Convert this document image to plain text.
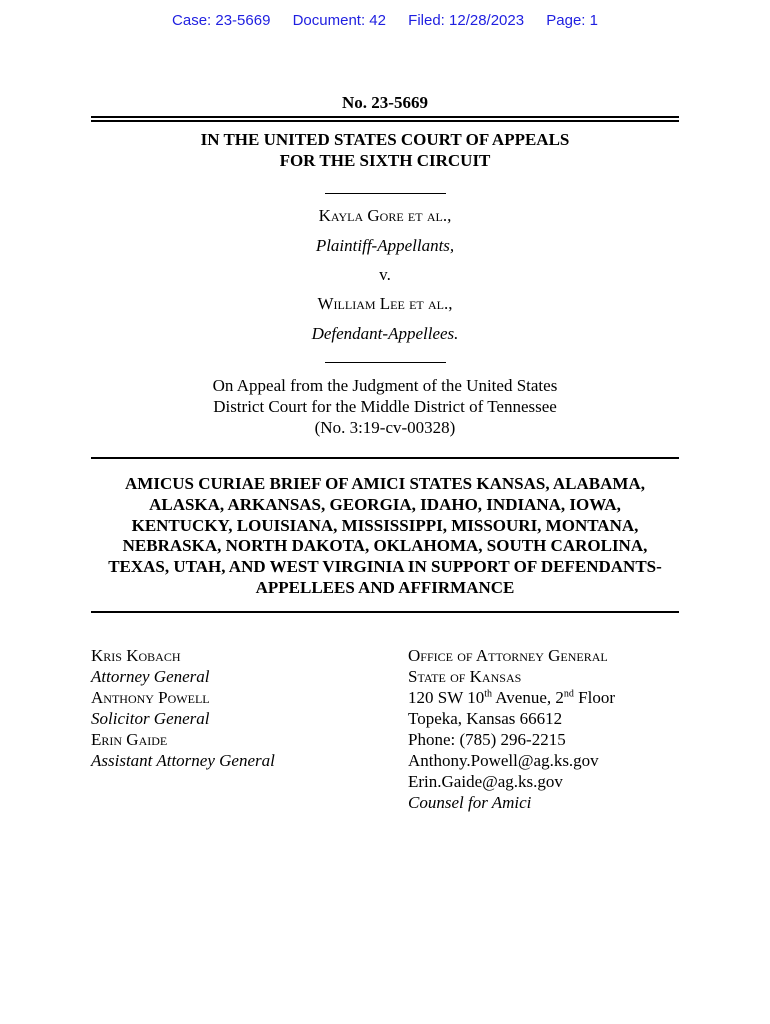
Case: 23-5669 Document: 42 Filed: 12/28/2023 Page: 1
No. 23-5669
IN THE UNITED STATES COURT OF APPEALS
FOR THE SIXTH CIRCUIT
Kayla Gore et al.,
Plaintiff-Appellants,
v.
William Lee et al.,
Defendant-Appellees.
On Appeal from the Judgment of the United States
District Court for the Middle District of Tennessee
(No. 3:19-cv-00328)
AMICUS CURIAE BRIEF OF AMICI STATES KANSAS, ALABAMA,
ALASKA, ARKANSAS, GEORGIA, IDAHO, INDIANA, IOWA,
KENTUCKY, LOUISIANA, MISSISSIPPI, MISSOURI, MONTANA,
NEBRASKA, NORTH DAKOTA, OKLAHOMA, SOUTH CAROLINA,
TEXAS, UTAH, AND WEST VIRGINIA IN SUPPORT OF DEFENDANTS-
APPELLEES AND AFFIRMANCE
Kris Kobach
Attorney General
Anthony Powell
Solicitor General
Erin Gaide
Assistant Attorney General
Office of Attorney General
State of Kansas
120 SW 10th Avenue, 2nd Floor
Topeka, Kansas 66612
Phone: (785) 296-2215
Anthony.Powell@ag.ks.gov
Erin.Gaide@ag.ks.gov
Counsel for Amici
